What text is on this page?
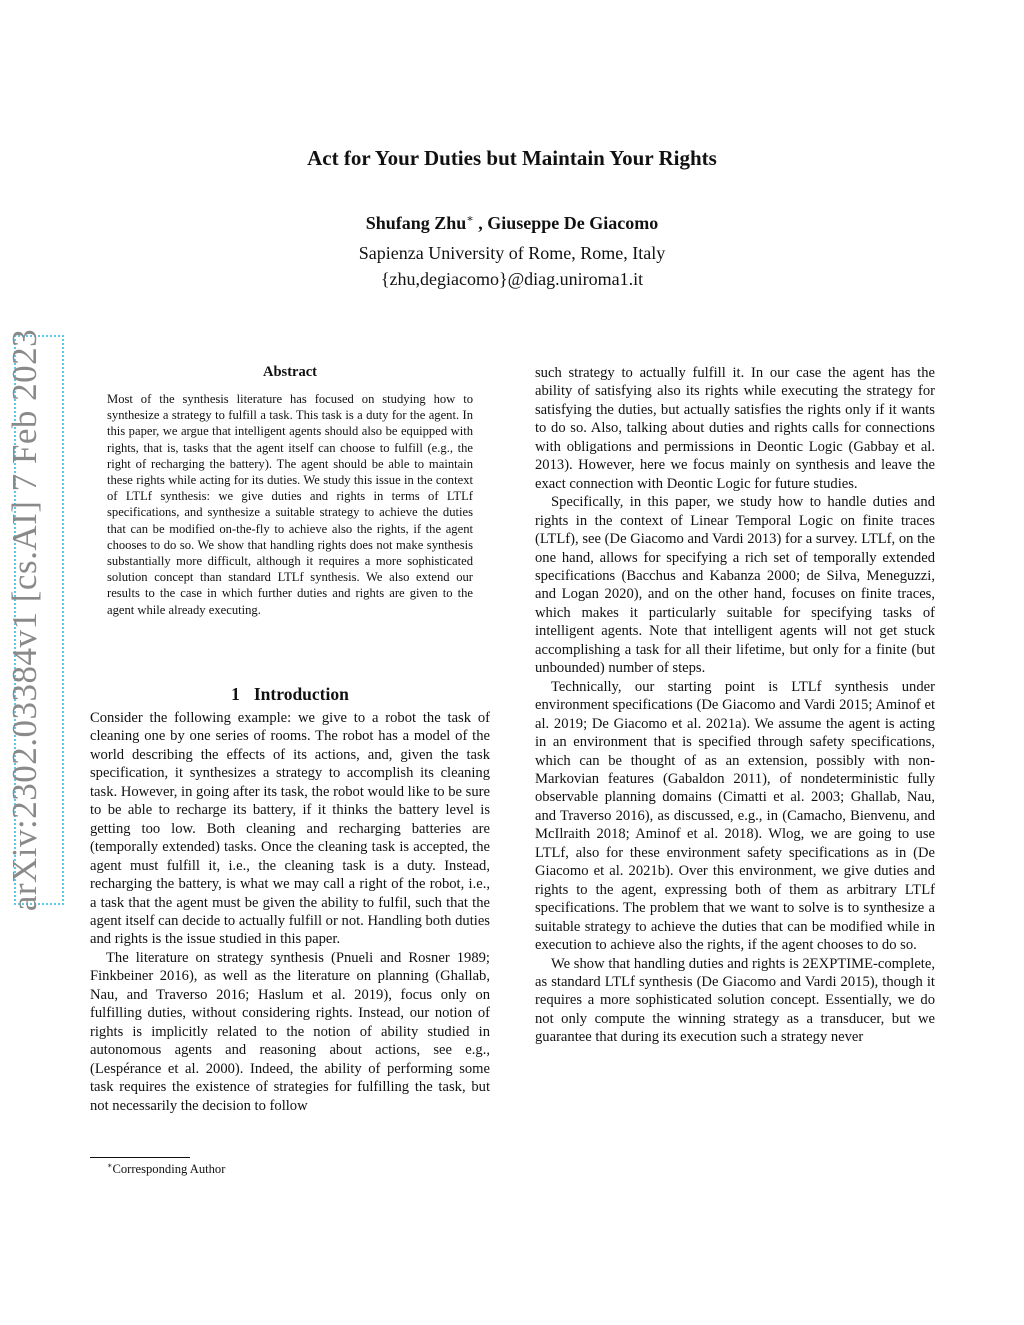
arXiv:2302.03384v1 [cs.AI] 7 Feb 2023
Act for Your Duties but Maintain Your Rights
Shufang Zhu∗ , Giuseppe De Giacomo
Sapienza University of Rome, Rome, Italy
{zhu,degiacomo}@diag.uniroma1.it
Abstract
Most of the synthesis literature has focused on studying how to synthesize a strategy to fulfill a task. This task is a duty for the agent. In this paper, we argue that intelligent agents should also be equipped with rights, that is, tasks that the agent itself can choose to fulfill (e.g., the right of recharging the battery). The agent should be able to maintain these rights while acting for its duties. We study this issue in the context of LTLf synthesis: we give duties and rights in terms of LTLf specifications, and synthesize a suitable strategy to achieve the duties that can be modified on-the-fly to achieve also the rights, if the agent chooses to do so. We show that handling rights does not make synthesis substantially more difficult, although it requires a more sophisticated solution concept than standard LTLf synthesis. We also extend our results to the case in which further duties and rights are given to the agent while already executing.
1 Introduction

Consider the following example: we give to a robot the task of cleaning one by one series of rooms. The robot has a model of the world describing the effects of its actions, and, given the task specification, it synthesizes a strategy to accomplish its cleaning task. However, in going after its task, the robot would like to be sure to be able to recharge its battery, if it thinks the battery level is getting too low. Both cleaning and recharging batteries are (temporally extended) tasks. Once the cleaning task is accepted, the agent must fulfill it, i.e., the cleaning task is a duty. Instead, recharging the battery, is what we may call a right of the robot, i.e., a task that the agent must be given the ability to fulfil, such that the agent itself can decide to actually fulfill or not. Handling both duties and rights is the issue studied in this paper.

The literature on strategy synthesis (Pnueli and Rosner 1989; Finkbeiner 2016), as well as the literature on planning (Ghallab, Nau, and Traverso 2016; Haslum et al. 2019), focus only on fulfilling duties, without considering rights. Instead, our notion of rights is implicitly related to the notion of ability studied in autonomous agents and reasoning about actions, see e.g., (Lespérance et al. 2000). Indeed, the ability of performing some task requires the existence of strategies for fulfilling the task, but not necessarily the decision to follow

such strategy to actually fulfill it. In our case the agent has the ability of satisfying also its rights while executing the strategy for satisfying the duties, but actually satisfies the rights only if it wants to do so. Also, talking about duties and rights calls for connections with obligations and permissions in Deontic Logic (Gabbay et al. 2013). However, here we focus mainly on synthesis and leave the exact connection with Deontic Logic for future studies.

Specifically, in this paper, we study how to handle duties and rights in the context of Linear Temporal Logic on finite traces (LTLf), see (De Giacomo and Vardi 2013) for a survey. LTLf, on the one hand, allows for specifying a rich set of temporally extended specifications (Bacchus and Kabanza 2000; de Silva, Meneguzzi, and Logan 2020), and on the other hand, focuses on finite traces, which makes it particularly suitable for specifying tasks of intelligent agents. Note that intelligent agents will not get stuck accomplishing a task for all their lifetime, but only for a finite (but unbounded) number of steps.

Technically, our starting point is LTLf synthesis under environment specifications (De Giacomo and Vardi 2015; Aminof et al. 2019; De Giacomo et al. 2021a). We assume the agent is acting in an environment that is specified through safety specifications, which can be thought of as an extension, possibly with non-Markovian features (Gabaldon 2011), of nondeterministic fully observable planning domains (Cimatti et al. 2003; Ghallab, Nau, and Traverso 2016), as discussed, e.g., in (Camacho, Bienvenu, and McIlraith 2018; Aminof et al. 2018). Wlog, we are going to use LTLf, also for these environment safety specifications as in (De Giacomo et al. 2021b). Over this environment, we give duties and rights to the agent, expressing both of them as arbitrary LTLf specifications. The problem that we want to solve is to synthesize a suitable strategy to achieve the duties that can be modified while in execution to achieve also the rights, if the agent chooses to do so.

We show that handling duties and rights is 2EXPTIME-complete, as standard LTLf synthesis (De Giacomo and Vardi 2015), though it requires a more sophisticated solution concept. Essentially, we do not only compute the winning strategy as a transducer, but we guarantee that during its execution such a strategy never

∗Corresponding Author
